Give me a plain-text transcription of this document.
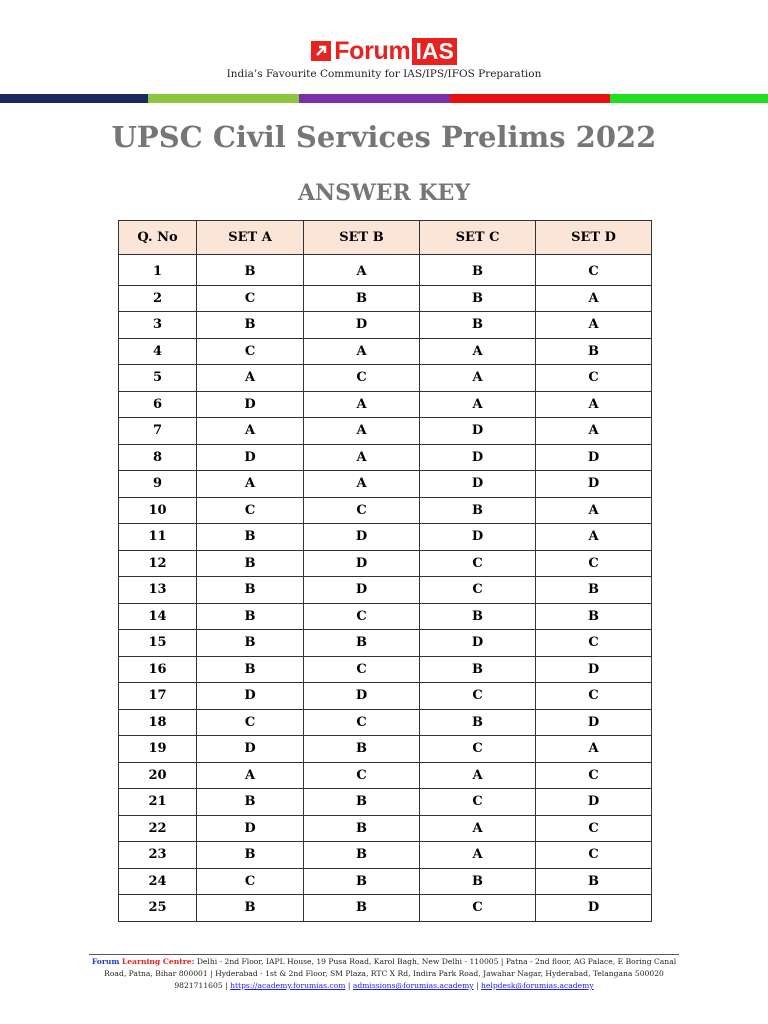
Forum IAS
India’s Favourite Community for IAS/IPS/IFOS Preparation
UPSC Civil Services Prelims 2022
ANSWER KEY
Q. No	SET A	SET B	SET C	SET D
1	B	A	B	C
2	C	B	B	A
3	B	D	B	A
4	C	A	A	B
5	A	C	A	C
6	D	A	A	A
7	A	A	D	A
8	D	A	D	D
9	A	A	D	D
10	C	C	B	A
11	B	D	D	A
12	B	D	C	C
13	B	D	C	B
14	B	C	B	B
15	B	B	D	C
16	B	C	B	D
17	D	D	C	C
18	C	C	B	D
19	D	B	C	A
20	A	C	A	C
21	B	B	C	D
22	D	B	A	C
23	B	B	A	C
24	C	B	B	B
25	B	B	C	D
Forum Learning Centre: Delhi - 2nd Floor, IAPL House, 19 Pusa Road, Karol Bagh, New Delhi - 110005 | Patna - 2nd floor, AG Palace, E Boring Canal Road, Patna, Bihar 800001 | Hyderabad - 1st & 2nd Floor, SM Plaza, RTC X Rd, Indira Park Road, Jawahar Nagar, Hyderabad, Telangana 500020
9821711605 | https://academy.forumias.com | admissions@forumias.academy | helpdesk@forumias.academy
